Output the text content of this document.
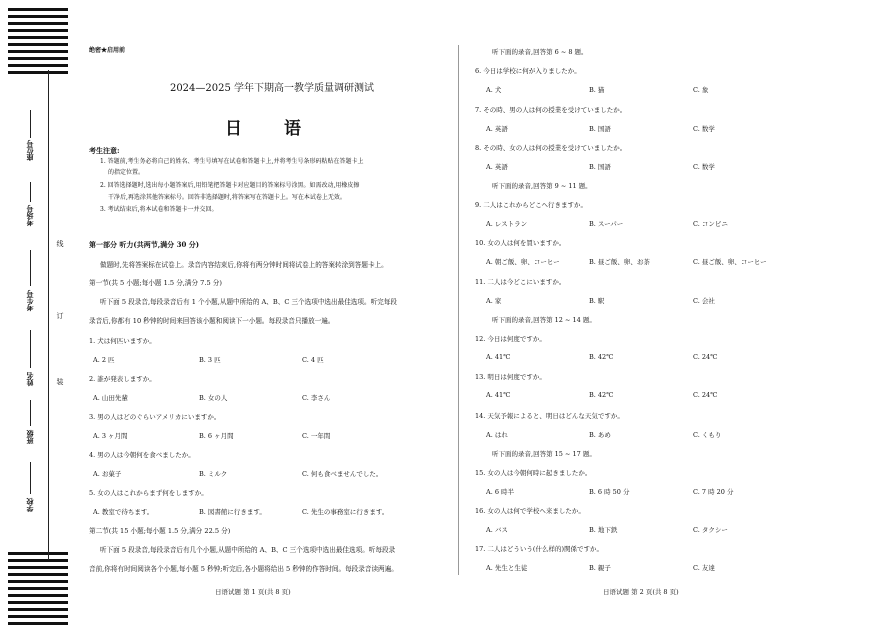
座位号
考场号
考生号
姓名
班级
学校
线
订
装
绝密★启用前
2024—2025 学年下期高一教学质量调研测试
日 语
考生注意:
1. 答题前,考生务必将自己的姓名、考生号填写在试卷和答题卡上,并将考生号条形码粘贴在答题卡上
的指定位置。
2. 回答选择题时,选出每小题答案后,用铅笔把答题卡对应题目的答案标号涂黑。如需改动,用橡皮擦
干净后,再选涂其他答案标号。回答非选择题时,将答案写在答题卡上。写在本试卷上无效。
3. 考试结束后,将本试卷和答题卡一并交回。
第一部分 听力(共两节,满分 30 分)
做题时,先将答案标在试卷上。录音内容结束后,你将有两分钟时间将试卷上的答案转涂到答题卡上。
第一节(共 5 小题;每小题 1.5 分,满分 7.5 分)
听下面 5 段录音,每段录音后有 1 个小题,从题中所给的 A、B、C 三个选项中选出最佳选项。听完每段
录音后,你都有 10 秒钟的时间来回答该小题和阅读下一小题。每段录音只播放一遍。
1. 犬は何匹いますか。
A. 2 匹	B. 3 匹	C. 4 匹
2. 誰が発表しますか。
A. 山田先輩	B. 女の人	C. 李さん
3. 男の人はどのぐらいアメリカにいますか。
A. 3 ヶ月間	B. 6 ヶ月間	C. 一年間
4. 男の人は今朝何を食べましたか。
A. お菓子	B. ミルク	C. 何も食べませんでした。
5. 女の人はこれからまず何をしますか。
A. 教室で待ちます。	B. 図書館に行きます。	C. 先生の事務室に行きます。
第二节(共 15 小题;每小题 1.5 分,满分 22.5 分)
听下面 5 段录音,每段录音后有几个小题,从题中所给的 A、B、C 三个选项中选出最佳选项。听每段录
音前,你将有时间阅读各个小题,每小题 5 秒钟;听完后,各小题将给出 5 秒钟的作答时间。每段录音读两遍。
听下面的录音,回答第 6 ~ 8 题。
6. 今日は学校に何が入りましたか。
A. 犬	B. 猫	C. 象
7. その時、男の人は何の授業を受けていましたか。
A. 英語	B. 国語	C. 数学
8. その時、女の人は何の授業を受けていましたか。
A. 英語	B. 国語	C. 数学
听下面的录音,回答第 9 ~ 11 题。
9. 二人はこれからどこへ行きますか。
A. レストラン	B. スーパー	C. コンビニ
10. 女の人は何を買いますか。
A. 朝ご飯、卵、コーヒー	B. 昼ご飯、卵、お茶	C. 昼ご飯、卵、コーヒー
11. 二人は今どこにいますか。
A. 家	B. 駅	C. 会社
听下面的录音,回答第 12 ~ 14 题。
12. 今日は何度ですか。
A. 41℃	B. 42℃	C. 24℃
13. 明日は何度ですか。
A. 41℃	B. 42℃	C. 24℃
14. 天気予報によると、明日はどんな天気ですか。
A. はれ	B. あめ	C. くもり
听下面的录音,回答第 15 ~ 17 题。
15. 女の人は今朝何時に起きましたか。
A. 6 時半	B. 6 時 50 分	C. 7 時 20 分
16. 女の人は何で学校へ来ましたか。
A. バス	B. 地下鉄	C. タクシー
17. 二人はどういう(什么样的)関係ですか。
A. 先生と生徒	B. 親子	C. 友達
日语试题 第 1 页(共 8 页)	日语试题 第 2 页(共 8 页)
